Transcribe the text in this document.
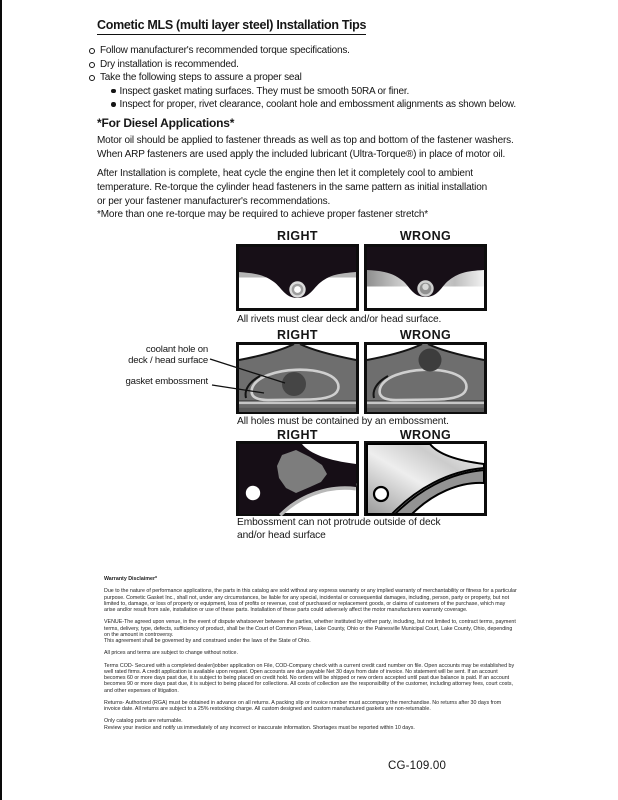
Cometic MLS (multi layer steel) Installation Tips
Follow manufacturer's recommended torque specifications.
Dry installation is recommended.
Take the following steps to assure a proper seal
Inspect gasket mating surfaces. They must be smooth 50RA or finer.
Inspect for proper, rivet clearance, coolant hole and embossment alignments as shown below.
*For Diesel Applications*
Motor oil should be applied to fastener threads as well as top and bottom of the fastener washers.
When ARP fasteners are used apply the included lubricant (Ultra-Torque®) in place of motor oil.
After Installation is complete, heat cycle the engine then let it completely cool to ambient
temperature. Re-torque the cylinder head fasteners in the same pattern as initial installation
or per your fastener manufacturer's recommendations.
*More than one re-torque may be required to achieve proper fastener stretch*
RIGHT	WRONG
All rivets must clear deck and/or head surface.
RIGHT	WRONG
coolant hole on
deck / head surface
gasket embossment
All holes must be contained by an embossment.
RIGHT	WRONG
Embossment can not protrude outside of deck
and/or head surface

Warranty Disclaimer*

Due to the nature of performance applications, the parts in this catalog are sold without any express warranty or any implied warranty of merchantability or fitness for a particular purpose. Cometic Gasket Inc., shall not, under any circumstances, be liable for any special, incidental or consequential damages, including, person, party or property, but not limited to, damage, or loss of property or equipment, loss of profits or revenue, cost of purchased or replacement goods, or claims of customers of the purchase, which may arise and/or result from sale, installation or use of these parts. Installation of these parts could adversely affect the motor manufacturers warranty coverage.

VENUE-The agreed upon venue, in the event of dispute whatsoever between the parties, whether instituted by either party, including, but not limited to, contract terms, payment terms, delivery, type, defects, sufficiency of product, shall be the Court of Common Pleas, Lake County, Ohio or the Painesville Municipal Court, Lake County, Ohio, depending on the amount in controversy.

This agreement shall be governed by and construed under the laws of the State of Ohio.

All prices and terms are subject to change without notice.

Terms COD- Secured with a completed dealer/jobber application on File, COD-Company check with a current credit card number on file. Open accounts may be established by well rated firms. A credit application is available upon request. Open accounts are due payable Net 30 days from date of invoice. No statement will be sent. If an account becomes 60 or more days past due, it is subject to being placed on credit hold. No orders will be shipped or new orders accepted until past due balance is paid. If an account becomes 90 or more days past due, it is subject to being placed for collections. All costs of collection are the responsibility of the customer, including attorney fees, court costs, and other expenses of litigation.

Returns- Authorized (RGA) must be obtained in advance on all returns. A packing slip or invoice number must accompany the merchandise. No returns after 30 days from invoice date. All returns are subject to a 25% restocking charge. All custom designed and custom manufactured gaskets are non-returnable.

Only catalog parts are returnable.

Review your invoice and notify us immediately of any incorrect or inaccurate information. Shortages must be reported within 10 days.

CG-109.00
